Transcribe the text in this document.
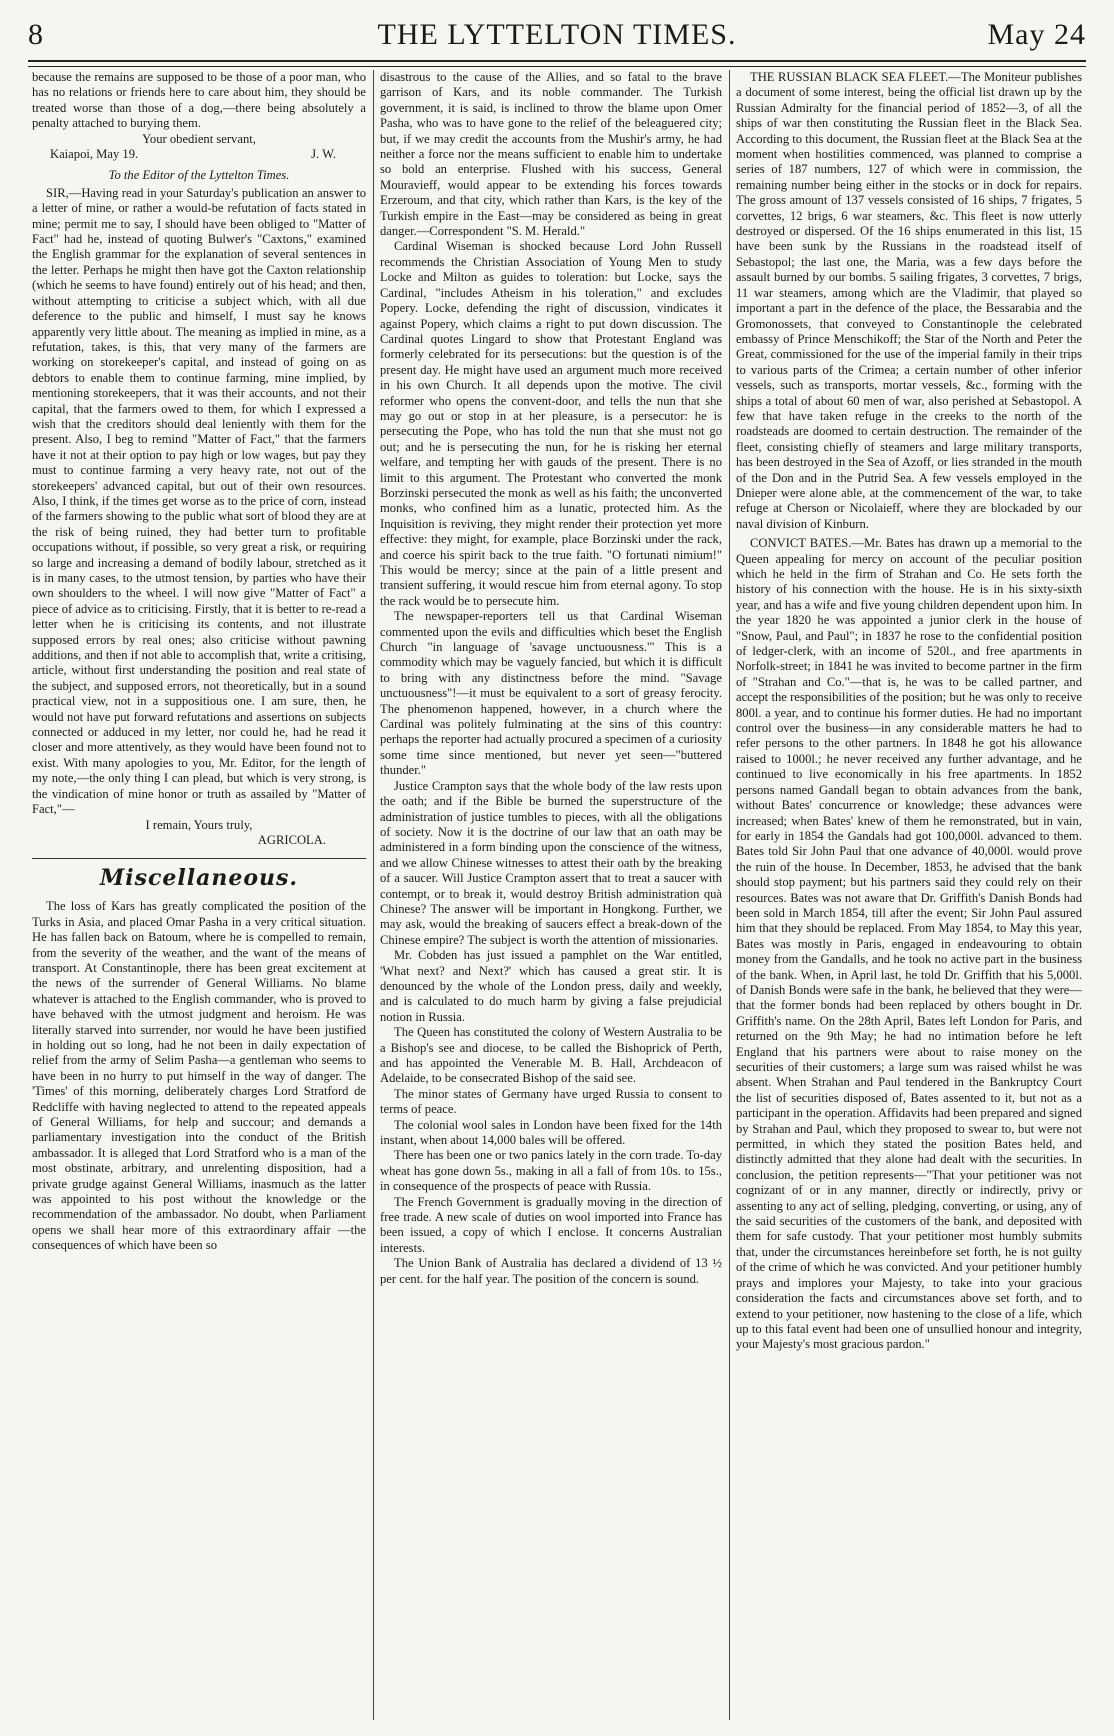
8	THE LYTTELTON TIMES.	May 24

because the remains are supposed to be those of a poor man, who has no relations or friends here to care about him, they should be treated worse than those of a dog,—there being absolutely a penalty attached to burying them.

Your obedient servant,

Kaiapoi, May 19.	J. W.

To the Editor of the Lyttelton Times.

SIR,—Having read in your Saturday's publication an answer to a letter of mine, or rather a would-be refutation of facts stated in mine; permit me to say, I should have been obliged to "Matter of Fact" had he, instead of quoting Bulwer's "Caxtons," examined the English grammar for the explanation of several sentences in the letter. Perhaps he might then have got the Caxton relationship (which he seems to have found) entirely out of his head; and then, without attempting to criticise a subject which, with all due deference to the public and himself, I must say he knows apparently very little about. The meaning as implied in mine, as a refutation, takes, is this, that very many of the farmers are working on storekeeper's capital, and instead of going on as debtors to enable them to continue farming, mine implied, by mentioning storekeepers, that it was their accounts, and not their capital, that the farmers owed to them, for which I expressed a wish that the creditors should deal leniently with them for the present. Also, I beg to remind "Matter of Fact," that the farmers have it not at their option to pay high or low wages, but pay they must to continue farming a very heavy rate, not out of the storekeepers' advanced capital, but out of their own resources. Also, I think, if the times get worse as to the price of corn, instead of the farmers showing to the public what sort of blood they are at the risk of being ruined, they had better turn to profitable occupations without, if possible, so very great a risk, or requiring so large and increasing a demand of bodily labour, stretched as it is in many cases, to the utmost tension, by parties who have their own shoulders to the wheel. I will now give "Matter of Fact" a piece of advice as to criticising. Firstly, that it is better to re-read a letter when he is criticising its contents, and not illustrate supposed errors by real ones; also criticise without pawning additions, and then if not able to accomplish that, write a critising, article, without first understanding the position and real state of the subject, and supposed errors, not theoretically, but in a sound practical view, not in a suppositious one. I am sure, then, he would not have put forward refutations and assertions on subjects connected or adduced in my letter, nor could he, had he read it closer and more attentively, as they would have been found not to exist. With many apologies to you, Mr. Editor, for the length of my note,—the only thing I can plead, but which is very strong, is the vindication of mine honor or truth as assailed by "Matter of Fact,"—

I remain, Yours truly,

AGRICOLA.

Miscellaneous.

The loss of Kars has greatly complicated the position of the Turks in Asia, and placed Omar Pasha in a very critical situation. He has fallen back on Batoum, where he is compelled to remain, from the severity of the weather, and the want of the means of transport. At Constantinople, there has been great excitement at the news of the surrender of General Williams. No blame whatever is attached to the English commander, who is proved to have behaved with the utmost judgment and heroism. He was literally starved into surrender, nor would he have been justified in holding out so long, had he not been in daily expectation of relief from the army of Selim Pasha—a gentleman who seems to have been in no hurry to put himself in the way of danger. The 'Times' of this morning, deliberately charges Lord Stratford de Redcliffe with having neglected to attend to the repeated appeals of General Williams, for help and succour; and demands a parliamentary investigation into the conduct of the British ambassador. It is alleged that Lord Stratford who is a man of the most obstinate, arbitrary, and unrelenting disposition, had a private grudge against General Williams, inasmuch as the latter was appointed to his post without the knowledge or the recommendation of the ambassador. No doubt, when Parliament opens we shall hear more of this extraordinary affair —the consequences of which have been so

disastrous to the cause of the Allies, and so fatal to the brave garrison of Kars, and its noble commander. The Turkish government, it is said, is inclined to throw the blame upon Omer Pasha, who was to have gone to the relief of the beleaguered city; but, if we may credit the accounts from the Mushir's army, he had neither a force nor the means sufficient to enable him to undertake so bold an enterprise. Flushed with his success, General Mouravieff, would appear to be extending his forces towards Erzeroum, and that city, which rather than Kars, is the key of the Turkish empire in the East—may be considered as being in great danger.—Correspondent "S. M. Herald."

Cardinal Wiseman is shocked because Lord John Russell recommends the Christian Association of Young Men to study Locke and Milton as guides to toleration: but Locke, says the Cardinal, "includes Atheism in his toleration," and excludes Popery. Locke, defending the right of discussion, vindicates it against Popery, which claims a right to put down discussion. The Cardinal quotes Lingard to show that Protestant England was formerly celebrated for its persecutions: but the question is of the present day. He might have used an argument much more received in his own Church. It all depends upon the motive. The civil reformer who opens the convent-door, and tells the nun that she may go out or stop in at her pleasure, is a persecutor: he is persecuting the Pope, who has told the nun that she must not go out; and he is persecuting the nun, for he is risking her eternal welfare, and tempting her with gauds of the present. There is no limit to this argument. The Protestant who converted the monk Borzinski persecuted the monk as well as his faith; the unconverted monks, who confined him as a lunatic, protected him. As the Inquisition is reviving, they might render their protection yet more effective: they might, for example, place Borzinski under the rack, and coerce his spirit back to the true faith. "O fortunati nimium!" This would be mercy; since at the pain of a little present and transient suffering, it would rescue him from eternal agony. To stop the rack would be to persecute him.

The newspaper-reporters tell us that Cardinal Wiseman commented upon the evils and difficulties which beset the English Church "in language of 'savage unctuousness.'" This is a commodity which may be vaguely fancied, but which it is difficult to bring with any distinctness before the mind. "Savage unctuousness"!—it must be equivalent to a sort of greasy ferocity. The phenomenon happened, however, in a church where the Cardinal was politely fulminating at the sins of this country: perhaps the reporter had actually procured a specimen of a curiosity some time since mentioned, but never yet seen—"buttered thunder."

Justice Crampton says that the whole body of the law rests upon the oath; and if the Bible be burned the superstructure of the administration of justice tumbles to pieces, with all the obligations of society. Now it is the doctrine of our law that an oath may be administered in a form binding upon the conscience of the witness, and we allow Chinese witnesses to attest their oath by the breaking of a saucer. Will Justice Crampton assert that to treat a saucer with contempt, or to break it, would destroy British administration quà Chinese? The answer will be important in Hongkong. Further, we may ask, would the breaking of saucers effect a break-down of the Chinese empire? The subject is worth the attention of missionaries.

Mr. Cobden has just issued a pamphlet on the War entitled, 'What next? and Next?' which has caused a great stir. It is denounced by the whole of the London press, daily and weekly, and is calculated to do much harm by giving a false prejudicial notion in Russia.

The Queen has constituted the colony of Western Australia to be a Bishop's see and diocese, to be called the Bishoprick of Perth, and has appointed the Venerable M. B. Hall, Archdeacon of Adelaide, to be consecrated Bishop of the said see.

The minor states of Germany have urged Russia to consent to terms of peace.

The colonial wool sales in London have been fixed for the 14th instant, when about 14,000 bales will be offered.

There has been one or two panics lately in the corn trade. To-day wheat has gone down 5s., making in all a fall of from 10s. to 15s., in consequence of the prospects of peace with Russia.

The French Government is gradually moving in the direction of free trade. A new scale of duties on wool imported into France has been issued, a copy of which I enclose. It concerns Australian interests.

The Union Bank of Australia has declared a dividend of 13 ½ per cent. for the half year. The position of the concern is sound.

THE RUSSIAN BLACK SEA FLEET.—The Moniteur publishes a document of some interest, being the official list drawn up by the Russian Admiralty for the financial period of 1852—3, of all the ships of war then constituting the Russian fleet in the Black Sea. According to this document, the Russian fleet at the Black Sea at the moment when hostilities commenced, was planned to comprise a series of 187 numbers, 127 of which were in commission, the remaining number being either in the stocks or in dock for repairs. The gross amount of 137 vessels consisted of 16 ships, 7 frigates, 5 corvettes, 12 brigs, 6 war steamers, &c. This fleet is now utterly destroyed or dispersed. Of the 16 ships enumerated in this list, 15 have been sunk by the Russians in the roadstead itself of Sebastopol; the last one, the Maria, was a few days before the assault burned by our bombs. 5 sailing frigates, 3 corvettes, 7 brigs, 11 war steamers, among which are the Vladimir, that played so important a part in the defence of the place, the Bessarabia and the Gromonossets, that conveyed to Constantinople the celebrated embassy of Prince Menschikoff; the Star of the North and Peter the Great, commissioned for the use of the imperial family in their trips to various parts of the Crimea; a certain number of other inferior vessels, such as transports, mortar vessels, &c., forming with the ships a total of about 60 men of war, also perished at Sebastopol. A few that have taken refuge in the creeks to the north of the roadsteads are doomed to certain destruction. The remainder of the fleet, consisting chiefly of steamers and large military transports, has been destroyed in the Sea of Azoff, or lies stranded in the mouth of the Don and in the Putrid Sea. A few vessels employed in the Dnieper were alone able, at the commencement of the war, to take refuge at Cherson or Nicolaieff, where they are blockaded by our naval division of Kinburn.

CONVICT BATES.—Mr. Bates has drawn up a memorial to the Queen appealing for mercy on account of the peculiar position which he held in the firm of Strahan and Co. He sets forth the history of his connection with the house. He is in his sixty-sixth year, and has a wife and five young children dependent upon him. In the year 1820 he was appointed a junior clerk in the house of "Snow, Paul, and Paul"; in 1837 he rose to the confidential position of ledger-clerk, with an income of 520l., and free apartments in Norfolk-street; in 1841 he was invited to become partner in the firm of "Strahan and Co."—that is, he was to be called partner, and accept the responsibilities of the position; but he was only to receive 800l. a year, and to continue his former duties. He had no important control over the business—in any considerable matters he had to refer persons to the other partners. In 1848 he got his allowance raised to 1000l.; he never received any further advantage, and he continued to live economically in his free apartments. In 1852 persons named Gandall began to obtain advances from the bank, without Bates' concurrence or knowledge; these advances were increased; when Bates' knew of them he remonstrated, but in vain, for early in 1854 the Gandals had got 100,000l. advanced to them. Bates told Sir John Paul that one advance of 40,000l. would prove the ruin of the house. In December, 1853, he advised that the bank should stop payment; but his partners said they could rely on their resources. Bates was not aware that Dr. Griffith's Danish Bonds had been sold in March 1854, till after the event; Sir John Paul assured him that they should be replaced. From May 1854, to May this year, Bates was mostly in Paris, engaged in endeavouring to obtain money from the Gandalls, and he took no active part in the business of the bank. When, in April last, he told Dr. Griffith that his 5,000l. of Danish Bonds were safe in the bank, he believed that they were—that the former bonds had been replaced by others bought in Dr. Griffith's name. On the 28th April, Bates left London for Paris, and returned on the 9th May; he had no intimation before he left England that his partners were about to raise money on the securities of their customers; a large sum was raised whilst he was absent. When Strahan and Paul tendered in the Bankruptcy Court the list of securities disposed of, Bates assented to it, but not as a participant in the operation. Affidavits had been prepared and signed by Strahan and Paul, which they proposed to swear to, but were not permitted, in which they stated the position Bates held, and distinctly admitted that they alone had dealt with the securities. In conclusion, the petition represents—"That your petitioner was not cognizant of or in any manner, directly or indirectly, privy or assenting to any act of selling, pledging, converting, or using, any of the said securities of the customers of the bank, and deposited with them for safe custody. That your petitioner most humbly submits that, under the circumstances hereinbefore set forth, he is not guilty of the crime of which he was convicted. And your petitioner humbly prays and implores your Majesty, to take into your gracious consideration the facts and circumstances above set forth, and to extend to your petitioner, now hastening to the close of a life, which up to this fatal event had been one of unsullied honour and integrity, your Majesty's most gracious pardon."
